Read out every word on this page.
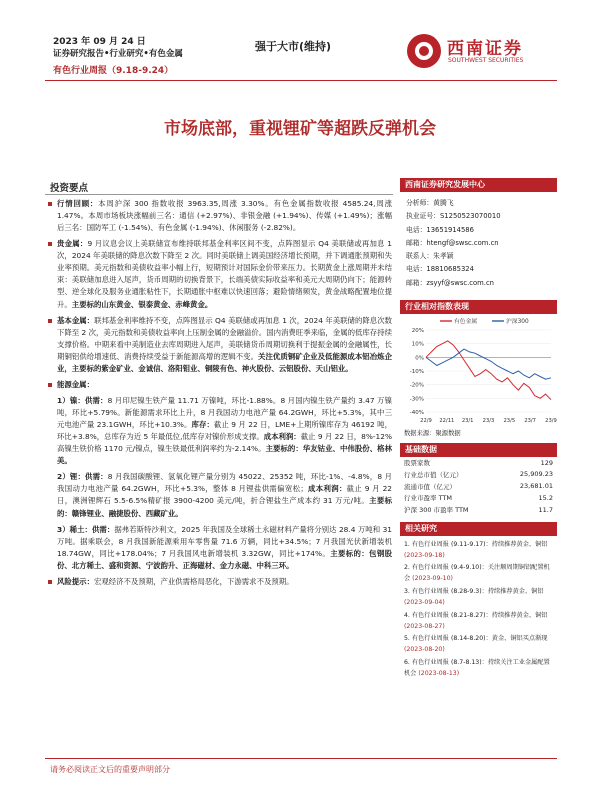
2023 年 09 月 24 日
证券研究报告•行业研究•有色金属
有色行业周报（9.18-9.24）
强于大市(维持)	西南证券
SOUTHWEST SECURITIES
市场底部，重视锂矿等超跌反弹机会
投资要点

行情回顾：本周沪深 300 指数收报 3963.35,周涨 3.30%。有色金属指数收报 4585.24,周涨 1.47%。本周市场板块涨幅前三名：通信 (+2.97%)、非银金融 (+1.94%)、传媒 (+1.49%)；涨幅后三名：国防军工 (-1.54%)、有色金属 (-1.94%)、休闲服务 (-2.82%)。

贵金属：9 月议息会议上美联储宣布维持联邦基金利率区间不变，点阵图显示 Q4 美联储或再加息 1 次，2024 年美联储的降息次数下降至 2 次。同时美联储上调美国经济增长预期，并下调通胀预期和失业率预期。美元指数和美债收益率小幅上行，短期预计对国际金价带来压力。长期黄金上涨周期并未结束：美联储加息进入尾声，货币周期的切换背景下，长端美债实际收益率和美元大周期仍向下；能源转型、逆全球化及服务业通胀粘性下，长期通胀中枢难以快速回落；避险情绪频发，黄金战略配置地位提升。主要标的山东黄金、银泰黄金、赤峰黄金。

基本金属：联邦基金利率维持不变，点阵图显示 Q4 美联储或再加息 1 次，2024 年美联储的降息次数下降至 2 次，美元指数和美债收益率向上压制金属的金融溢价。国内消费旺季来临，金属的低库存持续支撑价格。中期来看中美制造业去库周期进入尾声，美联储货币周期切换利于提振金属的金融属性，长期铜铝供给增速低、消费持续受益于新能源高增的逻辑不变。关注优质铜矿企业及低能源成本铝冶炼企业，主要标的紫金矿业、金诚信、洛阳钼业、铜陵有色、神火股份、云铝股份、天山铝业。

能源金属：

1）镍：供需：8 月印尼镍生铁产量 11.71 万镍吨，环比-1.88%。8 月国内镍生铁产量约 3.47 万镍吨，环比+5.79%。新能源需求环比上升，8 月我国动力电池产量 64.2GWH，环比+5.3%，其中三元电池产量 23.1GWH，环比+10.3%。库存：截止 9 月 22 日，LME+上期所镍库存为 46192 吨，环比+3.8%，总库存为近 5 年最低位,低库存对镍价形成支撑。成本利润：截止 9 月 22 日，8%-12%高镍生铁价格 1170 元/镍点，镍生铁最低利润率约为-2.14%。主要标的：华友钴业、中伟股份、格林美。

2）锂：供需：8 月我国碳酸锂、氢氧化锂产量分别为 45022、25352 吨，环比-1%、-4.8%，8 月我国动力电池产量 64.2GWH，环比+5.3%，整体 8 月锂盐供需偏宽松；成本利润：截止 9 月 22 日，澳洲锂辉石 5.5-6.5%精矿报 3900-4200 美元/吨，折合锂盐生产成本约 31 万元/吨。主要标的：赣锋锂业、融捷股份、西藏矿业。

3）稀土：供需：据弗若斯特沙利文，2025 年我国及全球稀土永磁材料产量将分别达 28.4 万吨和 31 万吨。据乘联会，8 月我国新能源乘用车零售量 71.6 万辆，同比+34.5%；7 月我国光伏新增装机 18.74GW，同比+178.04%；7 月我国风电新增装机 3.32GW，同比+174%。主要标的：包钢股份、北方稀土、盛和资源、宁波韵升、正海磁材、金力永磁、中科三环。

风险提示：宏观经济不及预期，产业供需格局恶化，下游需求不及预期。

西南证券研究发展中心
分析师：黄腾飞
执业证号：S1250523070010
电话：13651914586
邮箱：htengf@swsc.com.cn
联系人：朱孝颖
电话：18810685324
邮箱：zsyyf@swsc.com.cn
行业相对指数表现
20%
10%
0%
-10%
-20%
-30%
-40%
22/9 22/11 23/1 23/3 23/5 23/7 23/9
有色金属	沪深300
数据来源：聚源数据
基础数据
股票家数	129
行业总市值（亿元）	25,909.23
流通市值（亿元）	23,681.01
行业市盈率 TTM	15.2
沪深 300 市盈率 TTM	11.7
相关研究
1. 有色行业周报 (9.11-9.17)：持续推荐黄金、铜铝 (2023-09-18)
2. 有色行业周报 (9.4-9.10)：关注顺周期铜铝配置机会 (2023-09-10)
3. 有色行业周报 (8.28-9.3)：持续推荐黄金、铜铝 (2023-09-04)
4. 有色行业周报 (8.21-8.27)：持续推荐黄金、铜铝 (2023-08-27)
5. 有色行业周报 (8.14-8.20)：黄金、铜铝买点渐现 (2023-08-20)
6. 有色行业周报 (8.7-8.13)：持续关注工业金属配置机会 (2023-08-13)
请务必阅读正文后的重要声明部分
